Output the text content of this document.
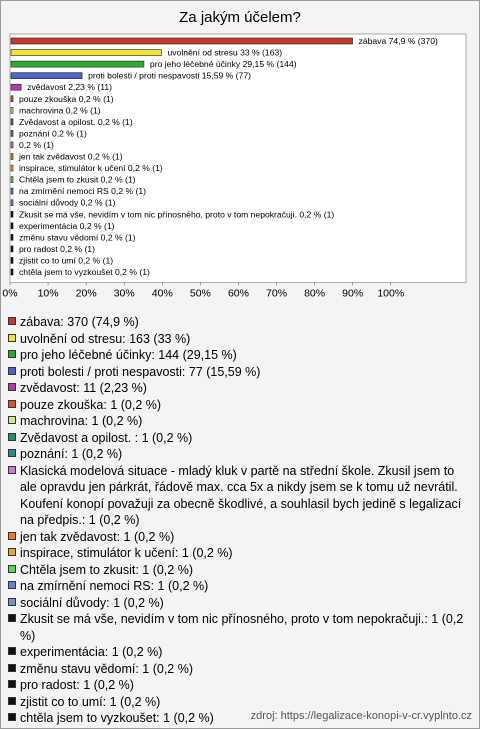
Za jakým účelem?
zábava 74,9 % (370)
uvolnění od stresu 33 % (163)
pro jeho léčebné účinky 29,15 % (144)
proti bolesti / proti nespavosti 15,59 % (77)
zvědavost 2,23 % (11)
pouze zkouška 0,2 % (1)
machrovina 0,2 % (1)
Zvědavost a opilost. 0,2 % (1)
poznání 0,2 % (1)
0,2 % (1)
jen tak zvědavost 0,2 % (1)
inspirace, stimulátor k učení 0,2 % (1)
Chtěla jsem to zkusit 0,2 % (1)
na zmírnění nemoci RS 0,2 % (1)
sociální důvody 0,2 % (1)
Zkusit se má vše, nevidím v tom nic přínosného, proto v tom nepokračuji. 0,2 % (1)
experimentácia 0,2 % (1)
změnu stavu vědomí 0,2 % (1)
pro radost 0,2 % (1)
zjistit co to umí 0,2 % (1)
chtěla jsem to vyzkoušet 0,2 % (1)
0% 10% 20% 30% 40% 50% 60% 70% 80% 90% 100%
zábava: 370 (74,9 %)
uvolnění od stresu: 163 (33 %)
pro jeho léčebné účinky: 144 (29,15 %)
proti bolesti / proti nespavosti: 77 (15,59 %)
zvědavost: 11 (2,23 %)
pouze zkouška: 1 (0,2 %)
machrovina: 1 (0,2 %)
Zvědavost a opilost. : 1 (0,2 %)
poznání: 1 (0,2 %)
Klasická modelová situace - mladý kluk v partě na střední škole. Zkusil jsem to ale opravdu jen párkrát, řádově max. cca 5x a nikdy jsem se k tomu už nevrátil. Koufení konopí považuji za obecně škodlivé, a souhlasil bych jedině s legalizací na předpis.: 1 (0,2 %)
jen tak zvědavost: 1 (0,2 %)
inspirace, stimulátor k učení: 1 (0,2 %)
Chtěla jsem to zkusit: 1 (0,2 %)
na zmírnění nemoci RS: 1 (0,2 %)
sociální důvody: 1 (0,2 %)
Zkusit se má vše, nevidím v tom nic přínosného, proto v tom nepokračuji.: 1 (0,2 %)
experimentácia: 1 (0,2 %)
změnu stavu vědomí: 1 (0,2 %)
pro radost: 1 (0,2 %)
zjistit co to umí: 1 (0,2 %)
chtěla jsem to vyzkoušet: 1 (0,2 %)	zdroj: https://legalizace-konopi-v-cr.vyplnto.cz
